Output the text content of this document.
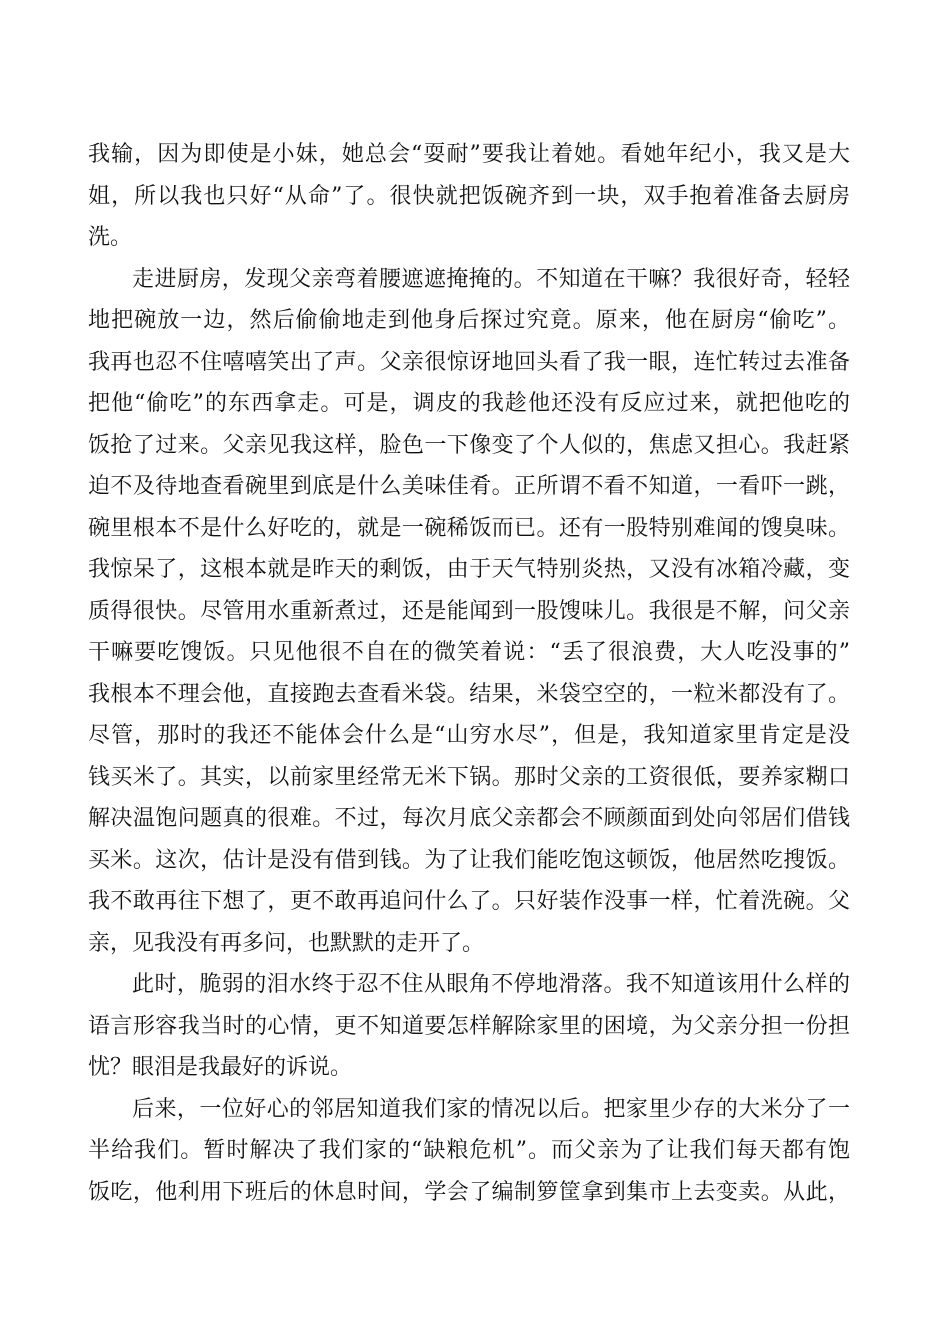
我输，因为即使是小妹，她总会“耍耐”要我让着她。看她年纪小，我又是大
姐，所以我也只好“从命”了。很快就把饭碗齐到一块，双手抱着准备去厨房
洗。

走进厨房，发现父亲弯着腰遮遮掩掩的。不知道在干嘛？我很好奇，轻轻
地把碗放一边，然后偷偷地走到他身后探过究竟。原来，他在厨房“偷吃”。
我再也忍不住嘻嘻笑出了声。父亲很惊讶地回头看了我一眼，连忙转过去准备
把他“偷吃”的东西拿走。可是，调皮的我趁他还没有反应过来，就把他吃的
饭抢了过来。父亲见我这样，脸色一下像变了个人似的，焦虑又担心。我赶紧
迫不及待地查看碗里到底是什么美味佳肴。正所谓不看不知道，一看吓一跳，
碗里根本不是什么好吃的，就是一碗稀饭而已。还有一股特别难闻的馊臭味。
我惊呆了，这根本就是昨天的剩饭，由于天气特别炎热，又没有冰箱冷藏，变
质得很快。尽管用水重新煮过，还是能闻到一股馊味儿。我很是不解，问父亲
干嘛要吃馊饭。只见他很不自在的微笑着说：“丢了很浪费，大人吃没事的”
我根本不理会他，直接跑去查看米袋。结果，米袋空空的，一粒米都没有了。
尽管，那时的我还不能体会什么是“山穷水尽”，但是，我知道家里肯定是没
钱买米了。其实，以前家里经常无米下锅。那时父亲的工资很低，要养家糊口
解决温饱问题真的很难。不过，每次月底父亲都会不顾颜面到处向邻居们借钱
买米。这次，估计是没有借到钱。为了让我们能吃饱这顿饭，他居然吃搜饭。
我不敢再往下想了，更不敢再追问什么了。只好装作没事一样，忙着洗碗。父
亲，见我没有再多问，也默默的走开了。

此时，脆弱的泪水终于忍不住从眼角不停地滑落。我不知道该用什么样的
语言形容我当时的心情，更不知道要怎样解除家里的困境，为父亲分担一份担
忧？眼泪是我最好的诉说。

后来，一位好心的邻居知道我们家的情况以后。把家里少存的大米分了一
半给我们。暂时解决了我们家的“缺粮危机”。而父亲为了让我们每天都有饱
饭吃，他利用下班后的休息时间，学会了编制箩筐拿到集市上去变卖。从此，
